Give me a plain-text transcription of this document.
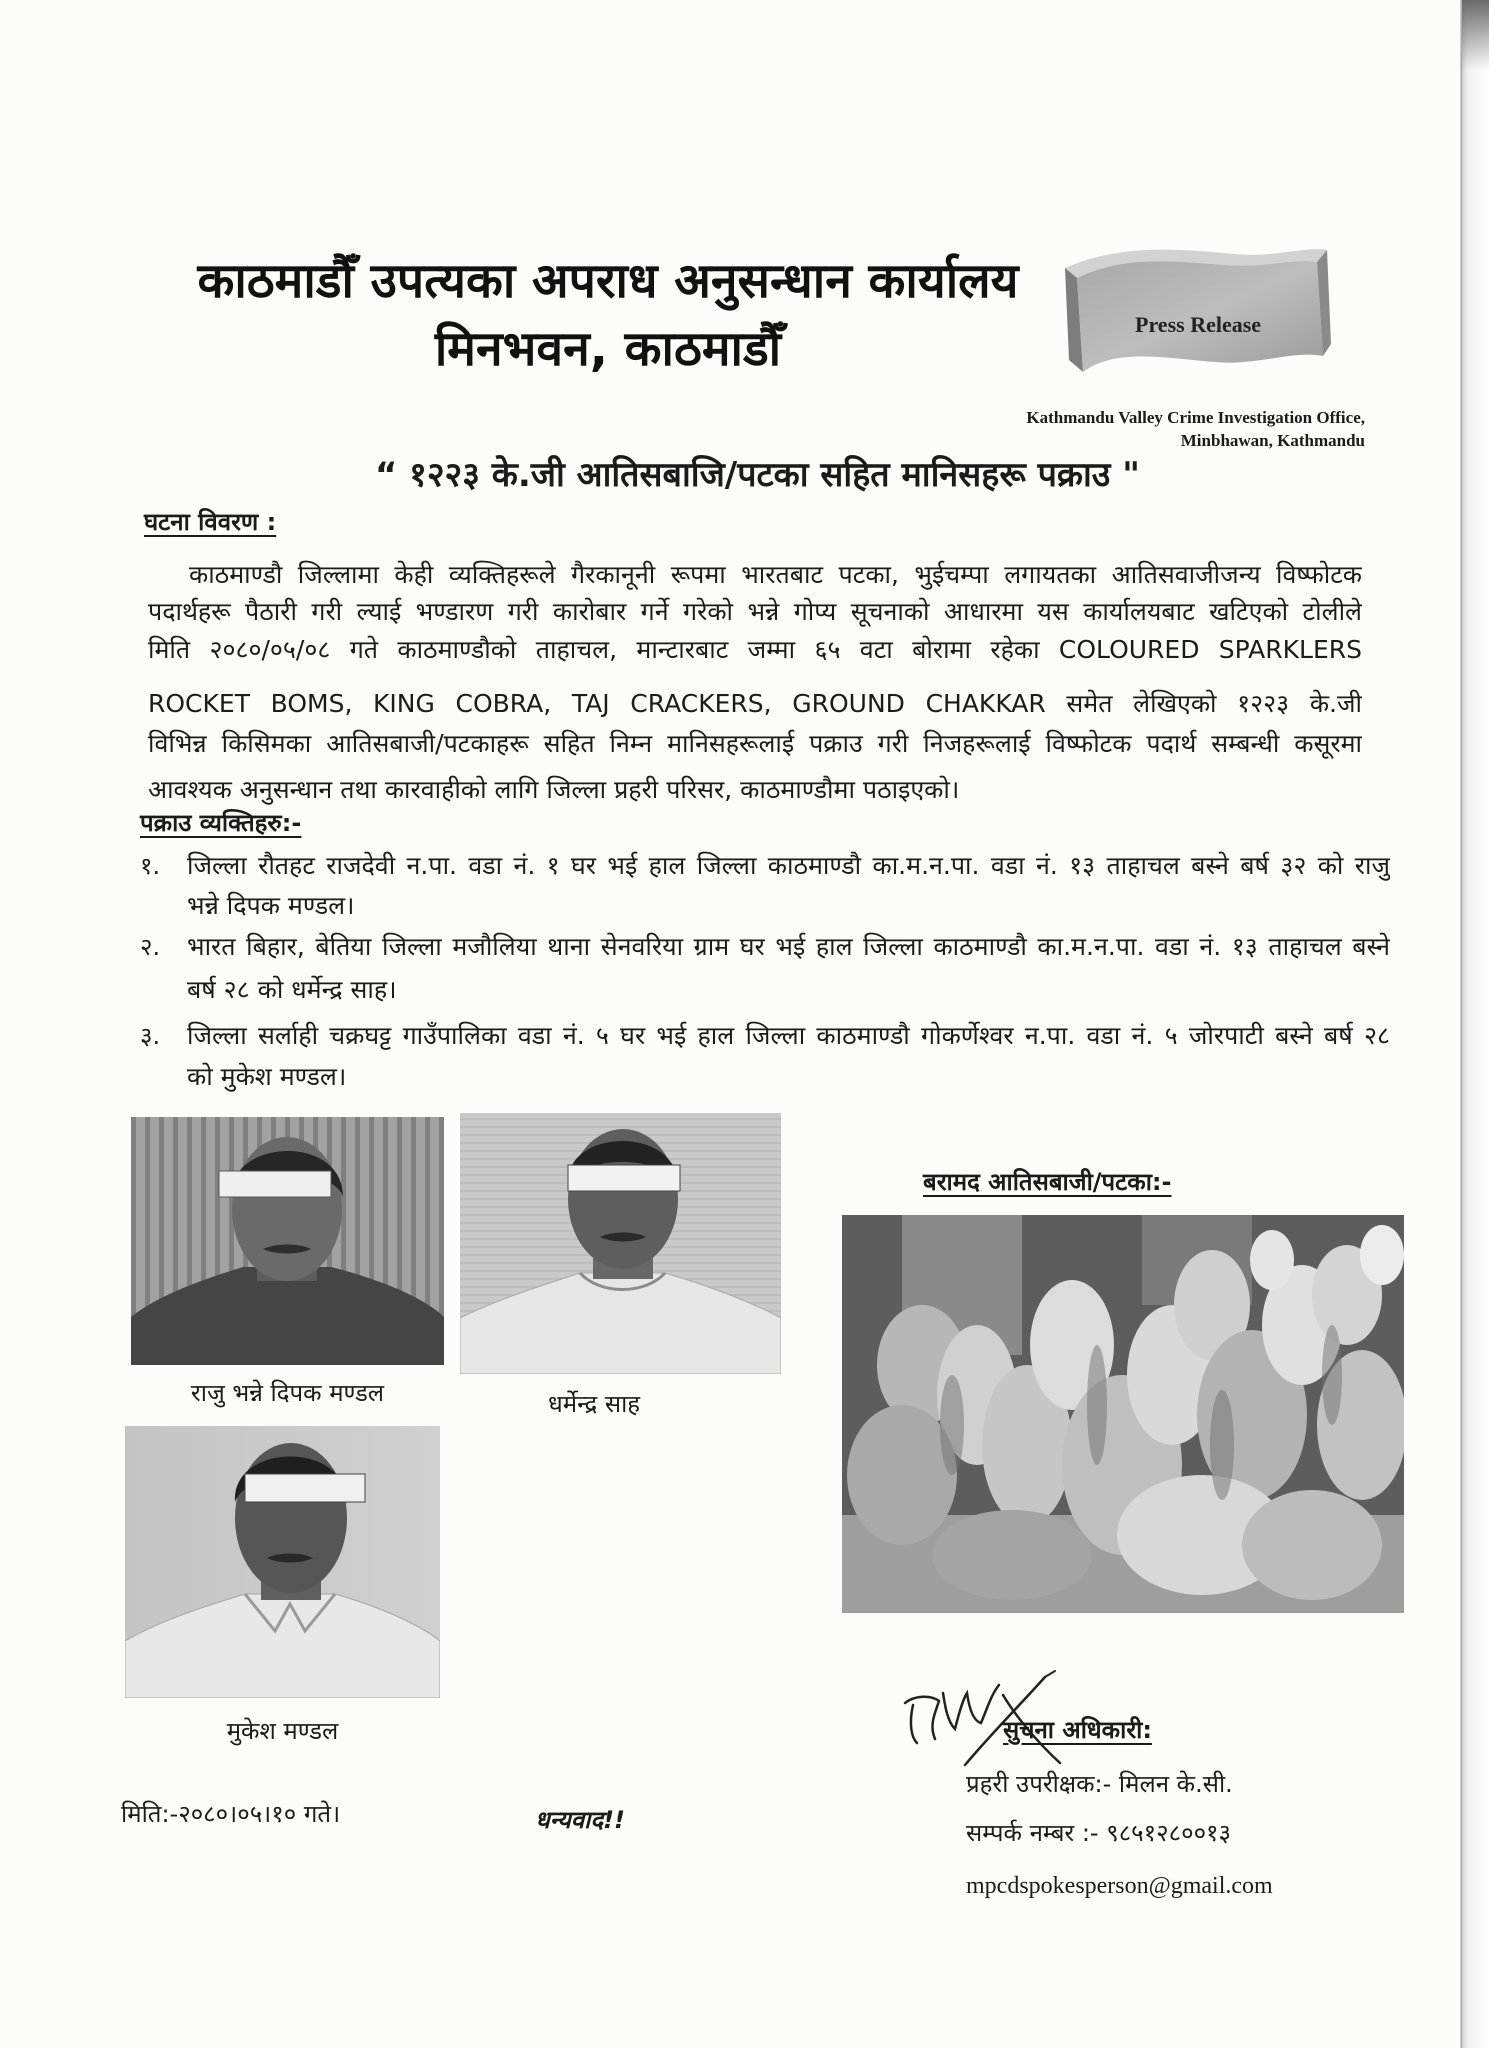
काठमाडौँ उपत्यका अपराध अनुसन्धान कार्यालय
मिनभवन, काठमाडौँ	Press Release
Kathmandu Valley Crime Investigation Office,
Minbhawan, Kathmandu
“ १२२३ के.जी आतिसबाजि/पटका सहित मानिसहरू पक्राउ "
घटना विवरण :
काठमाण्डौ जिल्लामा केही व्यक्तिहरूले गैरकानूनी रूपमा भारतबाट पटका, भुईचम्पा लगायतका आतिसवाजीजन्य विष्फोटक
पदार्थहरू पैठारी गरी ल्याई भण्डारण गरी कारोबार गर्ने गरेको भन्ने गोप्य सूचनाको आधारमा यस कार्यालयबाट खटिएको टोलीले
मिति २०८०/०५/०८ गते काठमाण्डौको ताहाचल, मान्टारबाट जम्मा ६५ वटा बोरामा रहेका COLOURED SPARKLERS
ROCKET BOMS, KING COBRA, TAJ CRACKERS, GROUND CHAKKAR समेत लेखिएको १२२३ के.जी
विभिन्न किसिमका आतिसबाजी/पटकाहरू सहित निम्न मानिसहरूलाई पक्राउ गरी निजहरूलाई विष्फोटक पदार्थ सम्बन्धी कसूरमा
आवश्यक अनुसन्धान तथा कारवाहीको लागि जिल्ला प्रहरी परिसर, काठमाण्डौमा पठाइएको।
पक्राउ व्यक्तिहरु:-
१.	जिल्ला रौतहट राजदेवी न.पा. वडा नं. १ घर भई हाल जिल्ला काठमाण्डौ का.म.न.पा. वडा नं. १३ ताहाचल बस्ने बर्ष ३२ को राजु
भन्ने दिपक मण्डल।
२.	भारत बिहार, बेतिया जिल्ला मजौलिया थाना सेनवरिया ग्राम घर भई हाल जिल्ला काठमाण्डौ का.म.न.पा. वडा नं. १३ ताहाचल बस्ने
बर्ष २८ को धर्मेन्द्र साह।
३.	जिल्ला सर्लाही चक्रघट्ट गाउँपालिका वडा नं. ५ घर भई हाल जिल्ला काठमाण्डौ गोकर्णेश्वर न.पा. वडा नं. ५ जोरपाटी बस्ने बर्ष २८
को मुकेश मण्डल।
राजु भन्ने दिपक मण्डल	धर्मेन्द्र साह
मुकेश मण्डल
बरामद आतिसबाजी/पटका:-
सुचना अधिकारी:
प्रहरी उपरीक्षक:- मिलन के.सी.
सम्पर्क नम्बर :- ९८५१२८००१३
mpcdspokesperson@gmail.com
मिति:-२०८०।०५।१० गते।	धन्यवाद!!
